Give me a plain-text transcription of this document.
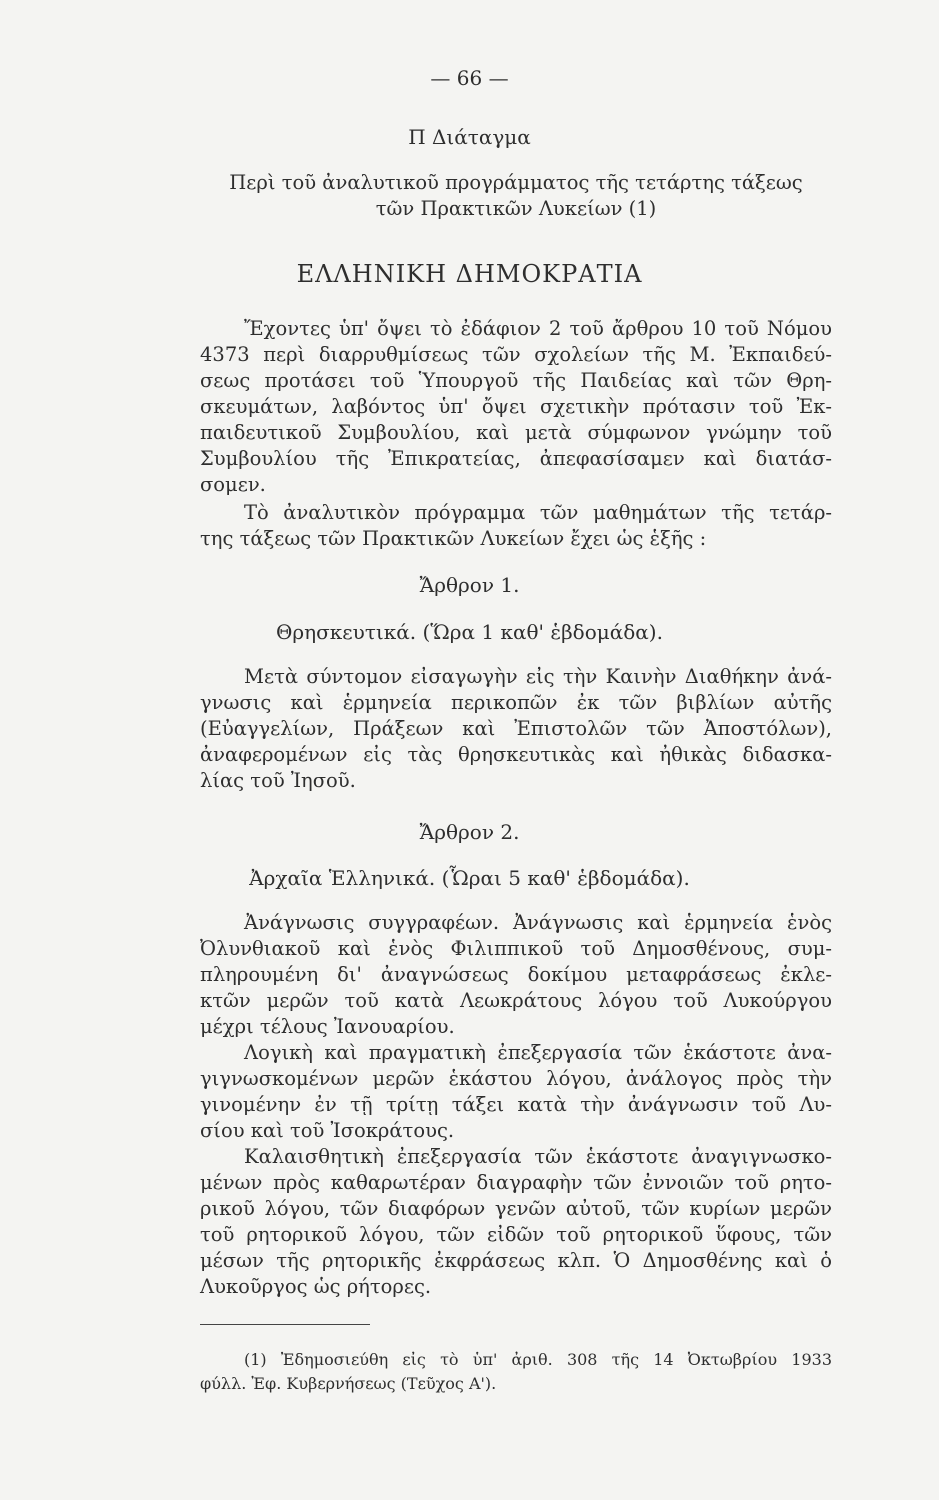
— 66 —
Π Διάταγμα
Περὶ τοῦ ἀναλυτικοῦ προγράμματος τῆς τετάρτης τάξεως
τῶν Πρακτικῶν Λυκείων (1)
ΕΛΛΗΝΙΚΗ ΔΗΜΟΚΡΑΤΙΑ
Ἔχοντες ὑπ' ὄψει τὸ ἐδάφιον 2 τοῦ ἄρθρου 10 τοῦ Νόμου
4373 περὶ διαρρυθμίσεως τῶν σχολείων τῆς Μ. Ἐκπαιδεύ-
σεως προτάσει τοῦ Ὑπουργοῦ τῆς Παιδείας καὶ τῶν Θρη-
σκευμάτων, λαβόντος ὑπ' ὄψει σχετικὴν πρότασιν τοῦ Ἐκ-
παιδευτικοῦ Συμβουλίου, καὶ μετὰ σύμφωνον γνώμην τοῦ
Συμβουλίου τῆς Ἐπικρατείας, ἀπεφασίσαμεν καὶ διατάσ-
σομεν.
Τὸ ἀναλυτικὸν πρόγραμμα τῶν μαθημάτων τῆς τετάρ-
της τάξεως τῶν Πρακτικῶν Λυκείων ἔχει ὡς ἑξῆς :
Ἄρθρον 1.
Θρησκευτικά. (Ὥρα 1 καθ' ἑβδομάδα).
Μετὰ σύντομον εἰσαγωγὴν εἰς τὴν Καινὴν Διαθήκην ἀνά-
γνωσις καὶ ἑρμηνεία περικοπῶν ἐκ τῶν βιβλίων αὐτῆς
(Εὐαγγελίων, Πράξεων καὶ Ἐπιστολῶν τῶν Ἀποστόλων),
ἀναφερομένων εἰς τὰς θρησκευτικὰς καὶ ἠθικὰς διδασκα-
λίας τοῦ Ἰησοῦ.
Ἄρθρον 2.
Ἀρχαῖα Ἑλληνικά. (Ὧραι 5 καθ' ἑβδομάδα).
Ἀνάγνωσις συγγραφέων. Ἀνάγνωσις καὶ ἑρμηνεία ἑνὸς
Ὀλυνθιακοῦ καὶ ἑνὸς Φιλιππικοῦ τοῦ Δημοσθένους, συμ-
πληρουμένη δι' ἀναγνώσεως δοκίμου μεταφράσεως ἐκλε-
κτῶν μερῶν τοῦ κατὰ Λεωκράτους λόγου τοῦ Λυκούργου
μέχρι τέλους Ἰανουαρίου.
Λογικὴ καὶ πραγματικὴ ἐπεξεργασία τῶν ἑκάστοτε ἀνα-
γιγνωσκομένων μερῶν ἑκάστου λόγου, ἀνάλογος πρὸς τὴν
γινομένην ἐν τῇ τρίτῃ τάξει κατὰ τὴν ἀνάγνωσιν τοῦ Λυ-
σίου καὶ τοῦ Ἰσοκράτους.
Καλαισθητικὴ ἐπεξεργασία τῶν ἑκάστοτε ἀναγιγνωσκο-
μένων πρὸς καθαρωτέραν διαγραφὴν τῶν ἐννοιῶν τοῦ ρητο-
ρικοῦ λόγου, τῶν διαφόρων γενῶν αὐτοῦ, τῶν κυρίων μερῶν
τοῦ ρητορικοῦ λόγου, τῶν εἰδῶν τοῦ ρητορικοῦ ὕφους, τῶν
μέσων τῆς ρητορικῆς ἐκφράσεως κλπ. Ὁ Δημοσθένης καὶ ὁ
Λυκοῦργος ὡς ρήτορες.
(1) Ἐδημοσιεύθη εἰς τὸ ὑπ' ἀριθ. 308 τῆς 14 Ὀκτωβρίου 1933
φύλλ. Ἐφ. Κυβερνήσεως (Τεῦχος Α').
